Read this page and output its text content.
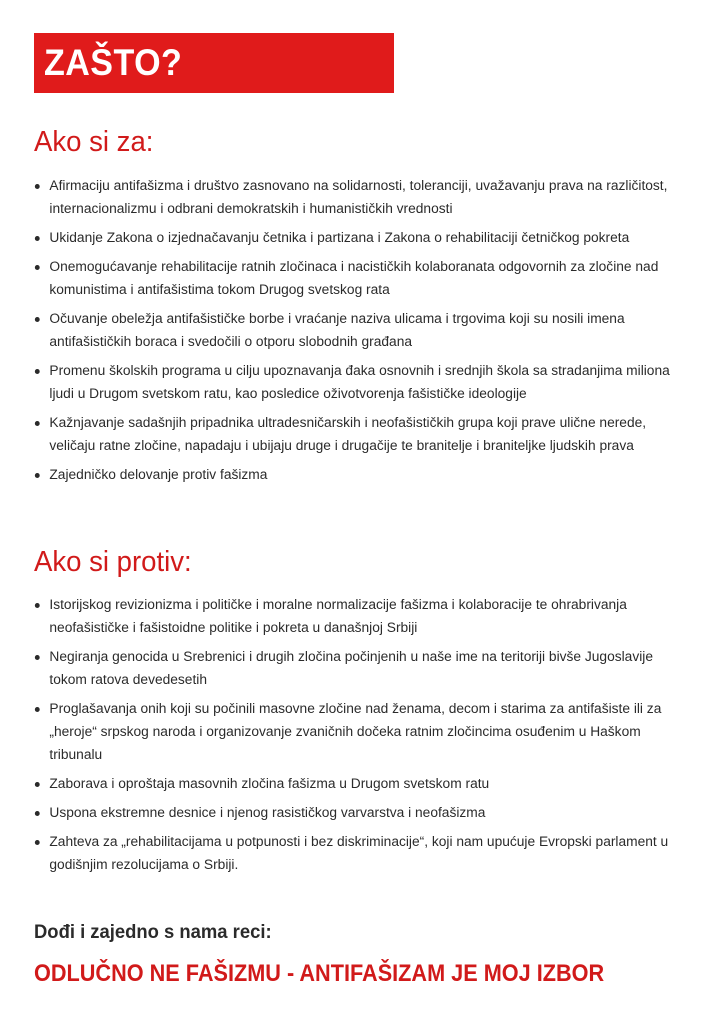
ZAŠTO?
Ako si za:
Afirmaciju antifašizma i društvo zasnovano na solidarnosti, toleranciji, uvažavanju prava na različitost, internacionalizmu i odbrani demokratskih i humanističkih vrednosti
Ukidanje Zakona o izjednačavanju četnika i partizana i Zakona o rehabilitaciji četničkog pokreta
Onemogućavanje rehabilitacije ratnih zločinaca i nacističkih kolaboranata odgovornih za zločine nad komunistima i antifašistima tokom Drugog svetskog rata
Očuvanje obeležja antifašističke borbe i vraćanje naziva ulicama i trgovima koji su nosili imena antifašističkih boraca i svedočili o otporu slobodnih građana
Promenu školskih programa u cilju upoznavanja đaka osnovnih i srednjih škola sa stradanjima miliona ljudi u Drugom svetskom ratu, kao posledice oživotvorenja fašističke ideologije
Kažnjavanje sadašnjih pripadnika ultradesničarskih i neofašističkih grupa koji prave ulične nerede, veličaju ratne zločine, napadaju i ubijaju druge i drugačije te branitelje i braniteljke ljudskih prava
Zajedničko delovanje protiv fašizma
Ako si protiv:
Istorijskog revizionizma i političke i moralne normalizacije fašizma i kolaboracije te ohrabrivanja neofašističke i fašistoidne politike i pokreta u današnjoj Srbiji
Negiranja genocida u Srebrenici i drugih zločina počinjenih u naše ime na teritoriji bivše Jugoslavije tokom ratova devedesetih
Proglašavanja onih koji su počinili masovne zločine nad ženama, decom i starima za antifašiste ili za „heroje“ srpskog naroda i organizovanje zvaničnih dočeka ratnim zločincima osuđenim u Haškom tribunalu
Zaborava i oproštaja masovnih zločina fašizma u Drugom svetskom ratu
Uspona ekstremne desnice i njenog rasističkog varvarstva i neofašizma
Zahteva za „rehabilitacijama u potpunosti i bez diskriminacije“, koji nam upućuje Evropski parlament u godišnjim rezolucijama o Srbiji.
Dođi i zajedno s nama reci:
ODLUČNO NE FAŠIZMU - ANTIFAŠIZAM JE MOJ IZBOR
